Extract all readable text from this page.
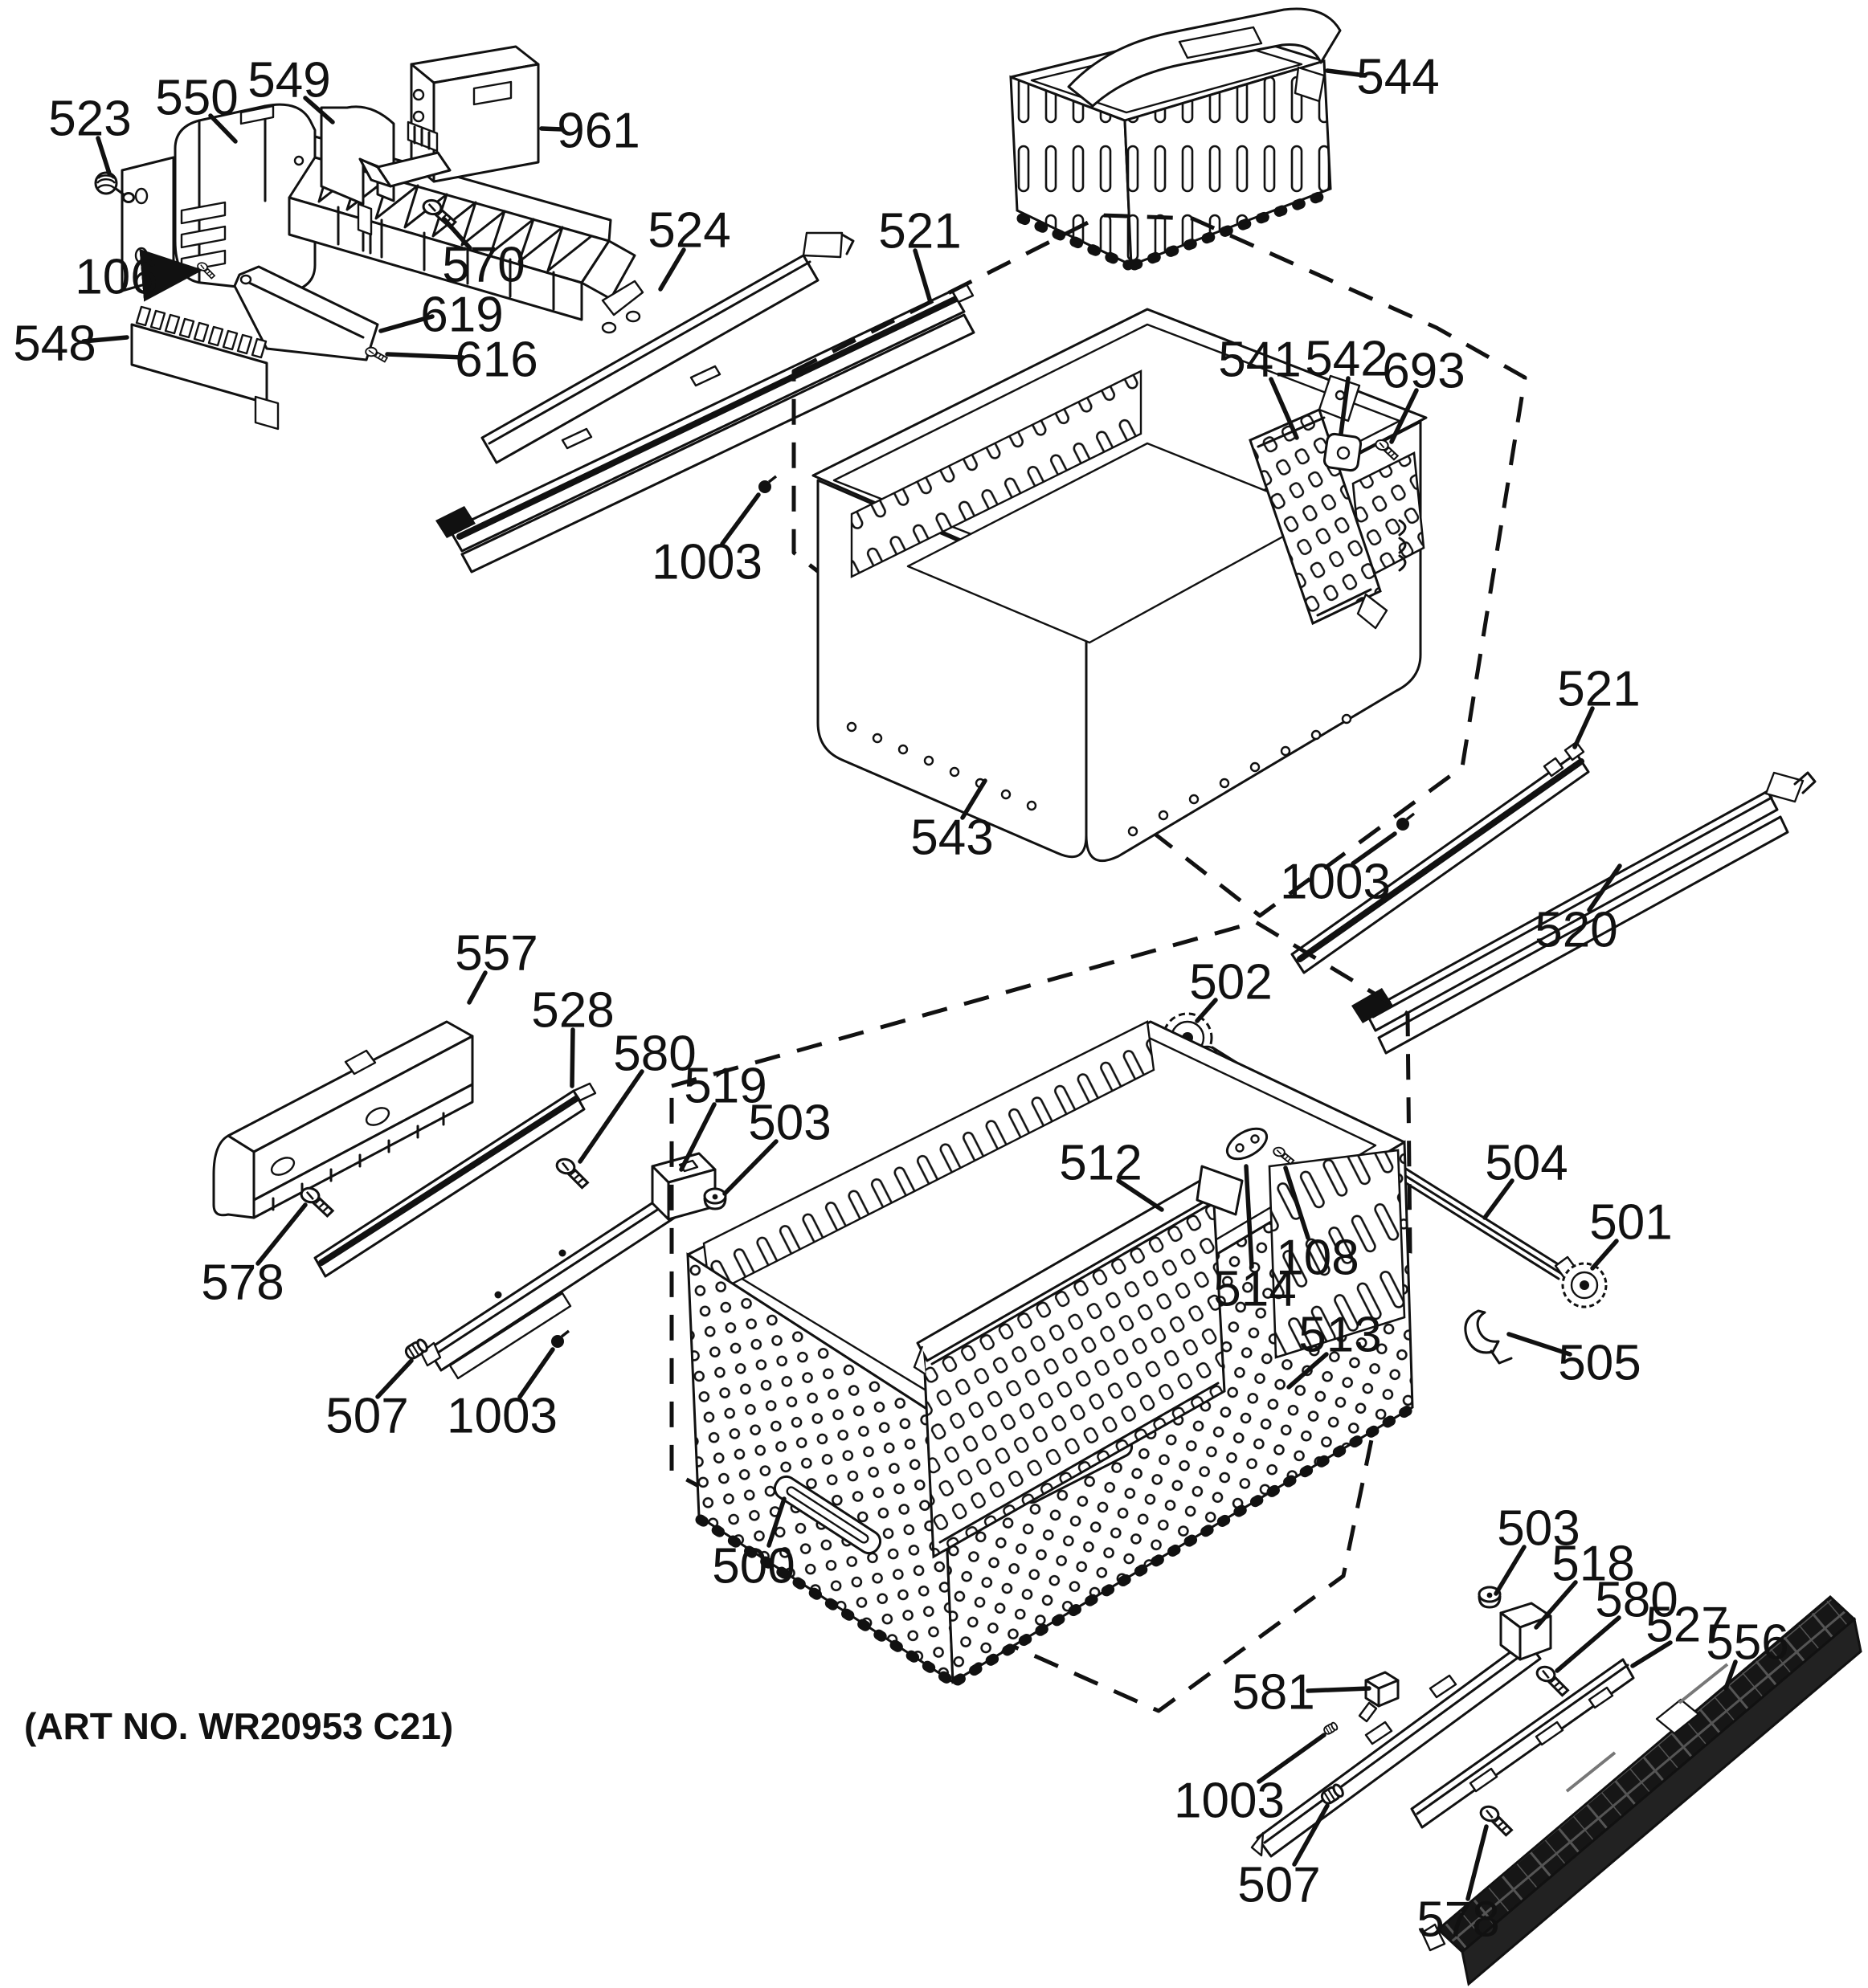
523 550 549
961
570
106
619
616
548
524	521
544
541 542
693
1003
543
521
1003
520
502
504
501
505
557
528
580
519
503
578
507 1003
512
514
108
513
500
503
518
580
527
556
581
1003
507
578
(ART NO. WR20953 C21)
